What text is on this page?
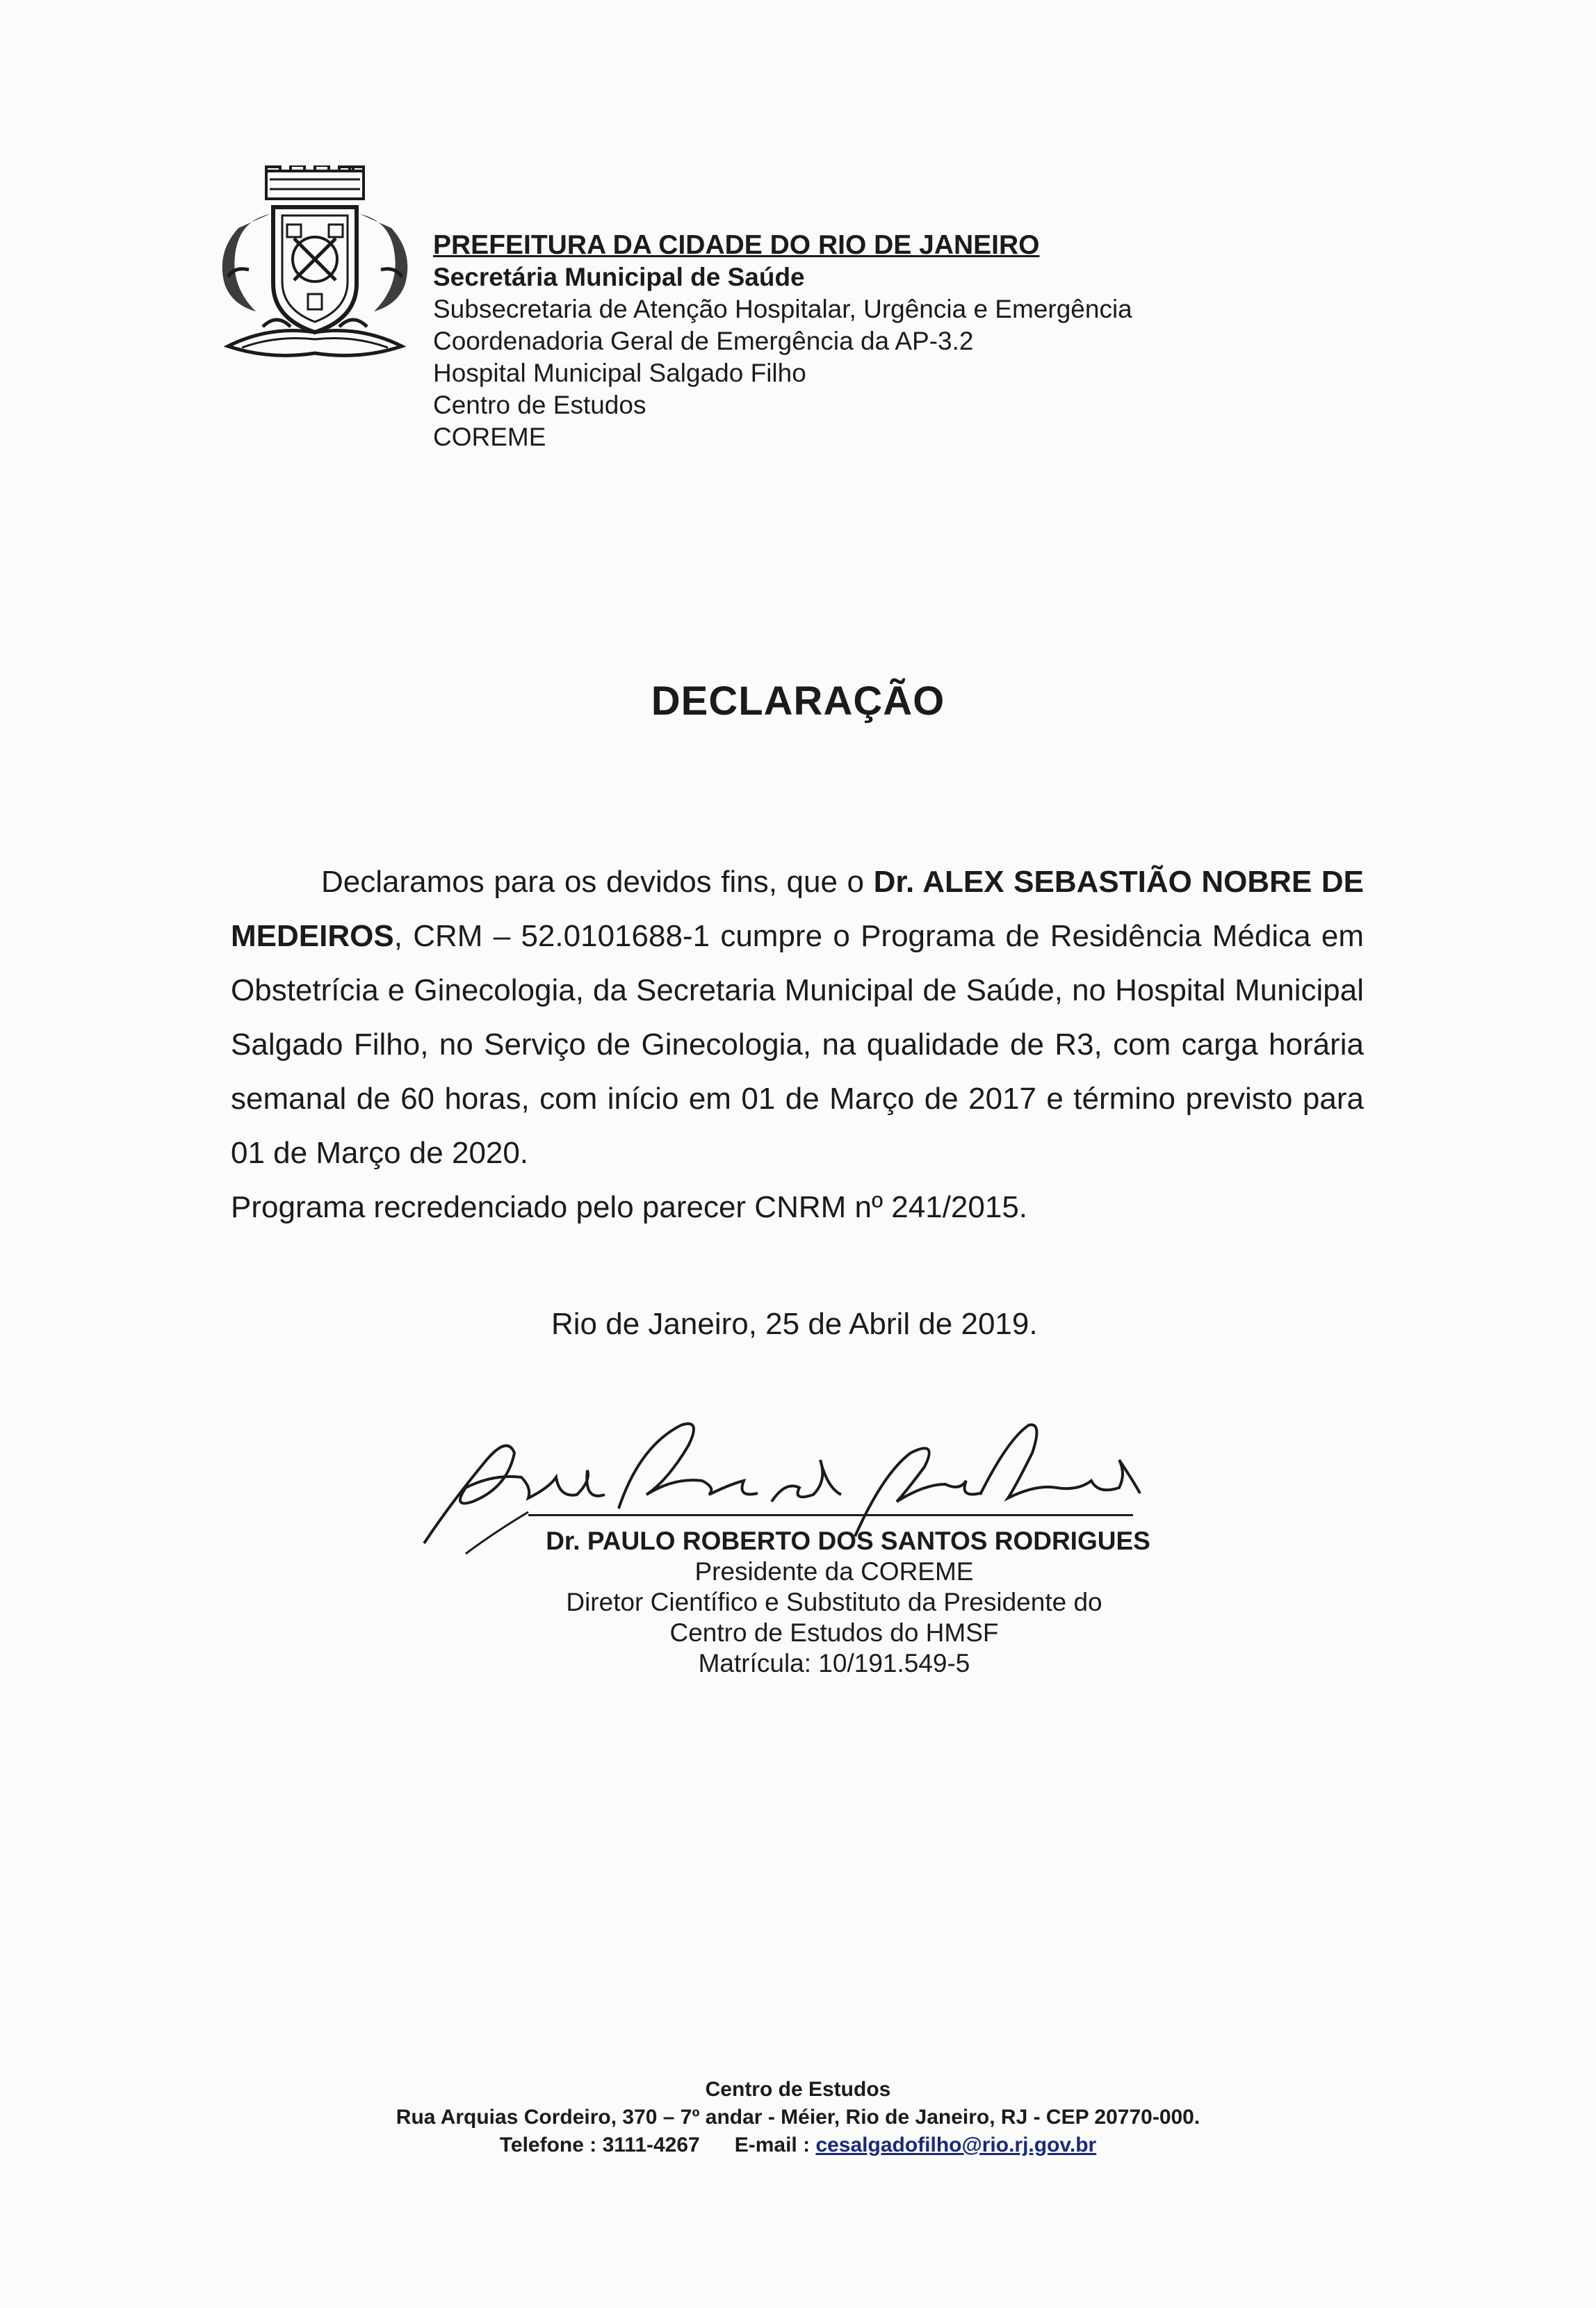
PREFEITURA DA CIDADE DO RIO DE JANEIRO
Secretária Municipal de Saúde
Subsecretaria de Atenção Hospitalar, Urgência e Emergência
Coordenadoria Geral de Emergência da AP-3.2
Hospital Municipal Salgado Filho
Centro de Estudos
COREME
DECLARAÇÃO

Declaramos para os devidos fins, que o Dr. ALEX SEBASTIÃO NOBRE DE MEDEIROS, CRM – 52.0101688-1 cumpre o Programa de Residência Médica em Obstetrícia e Ginecologia, da Secretaria Municipal de Saúde, no Hospital Municipal Salgado Filho, no Serviço de Ginecologia, na qualidade de R3, com carga horária semanal de 60 horas, com início em 01 de Março de 2017 e término previsto para 01 de Março de 2020.

Programa recredenciado pelo parecer CNRM nº 241/2015.

Rio de Janeiro, 25 de Abril de 2019.
Dr. PAULO ROBERTO DOS SANTOS RODRIGUES
Presidente da COREME
Diretor Científico e Substituto da Presidente do
Centro de Estudos do HMSF
Matrícula: 10/191.549-5
Centro de Estudos
Rua Arquias Cordeiro, 370 – 7º andar - Méier, Rio de Janeiro, RJ - CEP 20770-000.
Telefone : 3111-4267 E-mail : cesalgadofilho@rio.rj.gov.br
